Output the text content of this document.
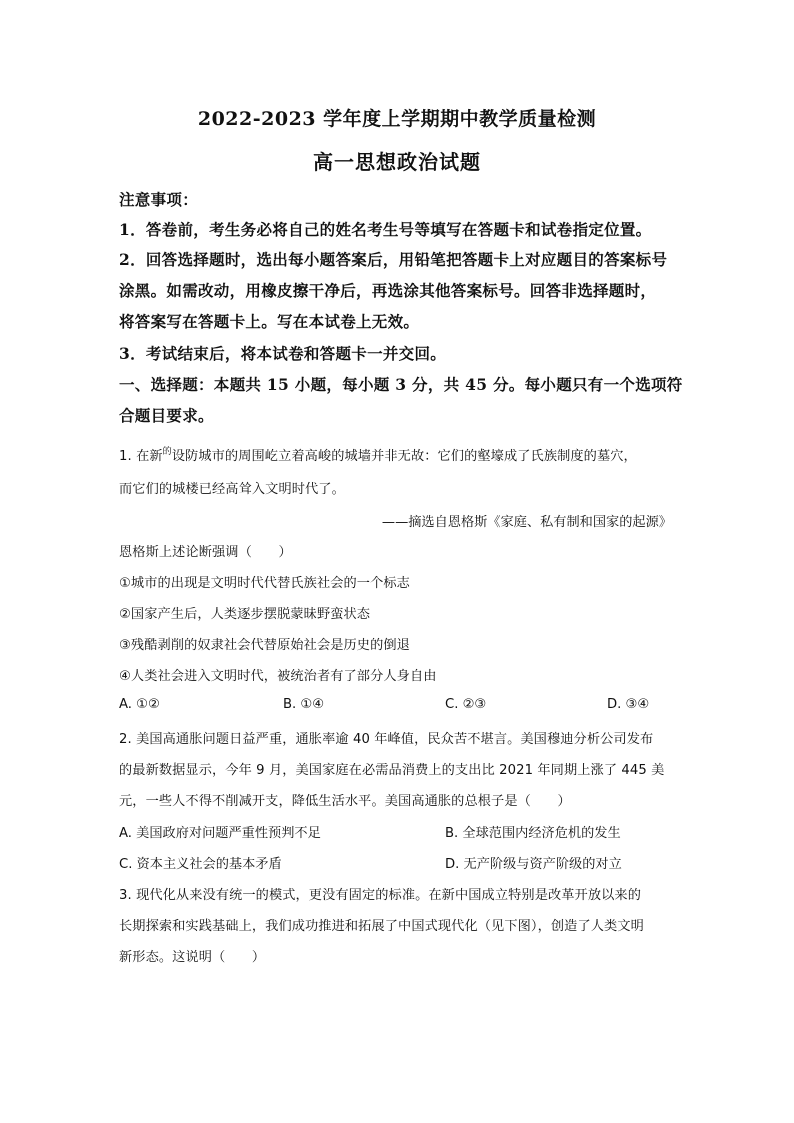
2022-2023 学年度上学期期中教学质量检测
高一思想政治试题
注意事项：
1．答卷前，考生务必将自己的姓名考生号等填写在答题卡和试卷指定位置。
2．回答选择题时，选出每小题答案后，用铅笔把答题卡上对应题目的答案标号
涂黑。如需改动，用橡皮擦干净后，再选涂其他答案标号。回答非选择题时，
将答案写在答题卡上。写在本试卷上无效。
3．考试结束后，将本试卷和答题卡一并交回。
一、选择题：本题共 15 小题，每小题 3 分，共 45 分。每小题只有一个选项符
合题目要求。
1. 在新$^的$设防城市的周围屹立着高峻的城墙并非无故：它们的壑壕成了氏族制度的墓穴，
而它们的城楼已经高耸入文明时代了。
——摘选自恩格斯《家庭、私有制和国家的起源》
恩格斯上述论断强调（　　）
①城市的出现是文明时代代替氏族社会的一个标志
②国家产生后，人类逐步摆脱蒙昧野蛮状态
③残酷剥削的奴隶社会代替原始社会是历史的倒退
④人类社会进入文明时代，被统治者有了部分人身自由
A. ①②	B. ①④	C. ②③	D. ③④
2. 美国高通胀问题日益严重，通胀率逾 40 年峰值，民众苦不堪言。美国穆迪分析公司发布
的最新数据显示，今年 9 月，美国家庭在必需品消费上的支出比 2021 年同期上涨了 445 美
元，一些人不得不削减开支，降低生活水平。美国高通胀的总根子是（　　）
A. 美国政府对问题严重性预判不足	B. 全球范围内经济危机的发生
C. 资本主义社会的基本矛盾	D. 无产阶级与资产阶级的对立
3. 现代化从来没有统一的模式，更没有固定的标准。在新中国成立特别是改革开放以来的
长期探索和实践基础上，我们成功推进和拓展了中国式现代化（见下图），创造了人类文明
新形态。这说明（　　）
